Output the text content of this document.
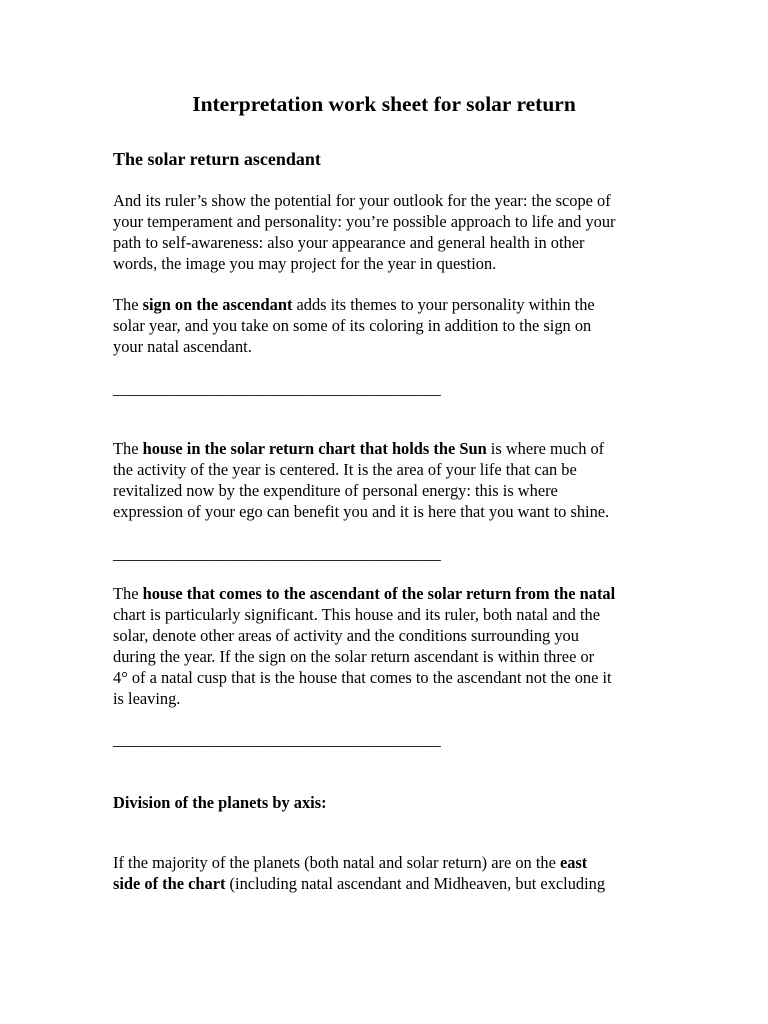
Interpretation work sheet for solar return
The solar return ascendant
And its ruler’s show the potential for your outlook for the year: the scope of
your temperament and personality: you’re possible approach to life and your
path to self-awareness: also your appearance and general health in other
words, the image you may project for the year in question.
The sign on the ascendant adds its themes to your personality within the
solar year, and you take on some of its coloring in addition to the sign on
your natal ascendant.
________________________________________
The house in the solar return chart that holds the Sun is where much of
the activity of the year is centered. It is the area of your life that can be
revitalized now by the expenditure of personal energy: this is where
expression of your ego can benefit you and it is here that you want to shine.
________________________________________
The house that comes to the ascendant of the solar return from the natal
chart is particularly significant. This house and its ruler, both natal and the
solar, denote other areas of activity and the conditions surrounding you
during the year. If the sign on the solar return ascendant is within three or
4° of a natal cusp that is the house that comes to the ascendant not the one it
is leaving.
________________________________________
Division of the planets by axis:
If the majority of the planets (both natal and solar return) are on the east
side of the chart (including natal ascendant and Midheaven, but excluding
